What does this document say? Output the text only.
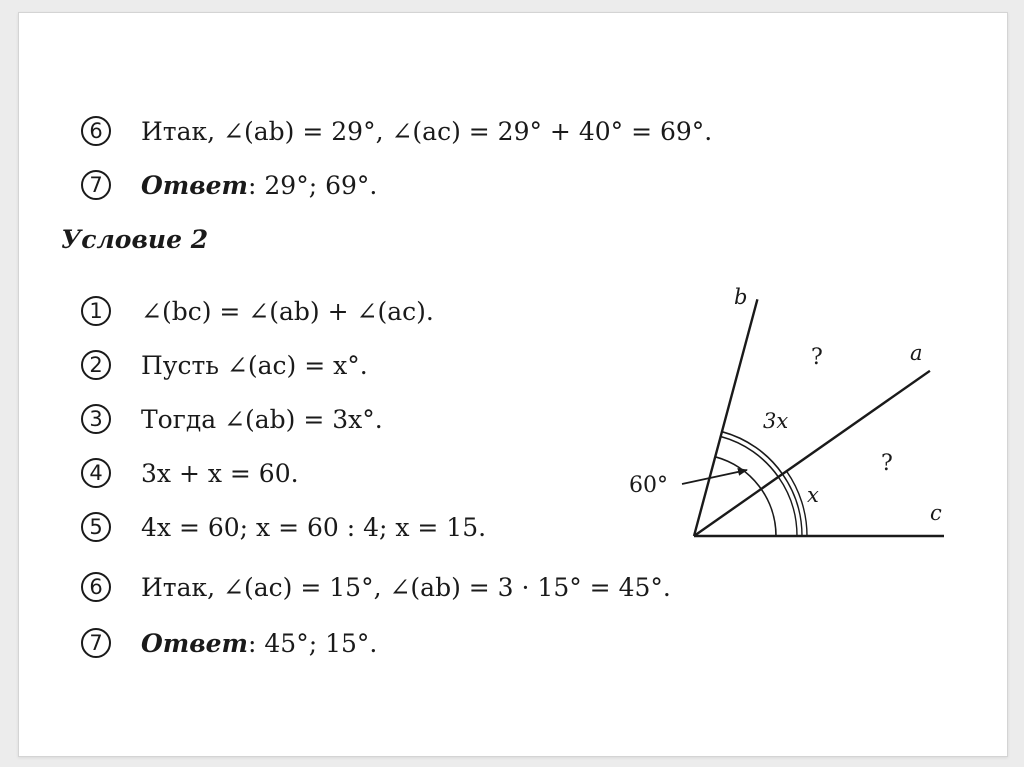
6	Итак, ∠(ab) = 29°, ∠(ac) = 29° + 40° = 69°.
7	Ответ : 29°; 69°.
Условие 2
1	∠(bc) = ∠(ab) + ∠(ac).
2	Пусть ∠(ac) = x°.
3	Тогда ∠(ab) = 3x°.
4	3x + x = 60.
5	4x = 60; x = 60 : 4; x = 15.
6	Итак, ∠(ac) = 15°, ∠(ab) = 3 · 15° = 45°.
7	Ответ : 45°; 15°.
b
a
c
60°
3x
x
?
?
